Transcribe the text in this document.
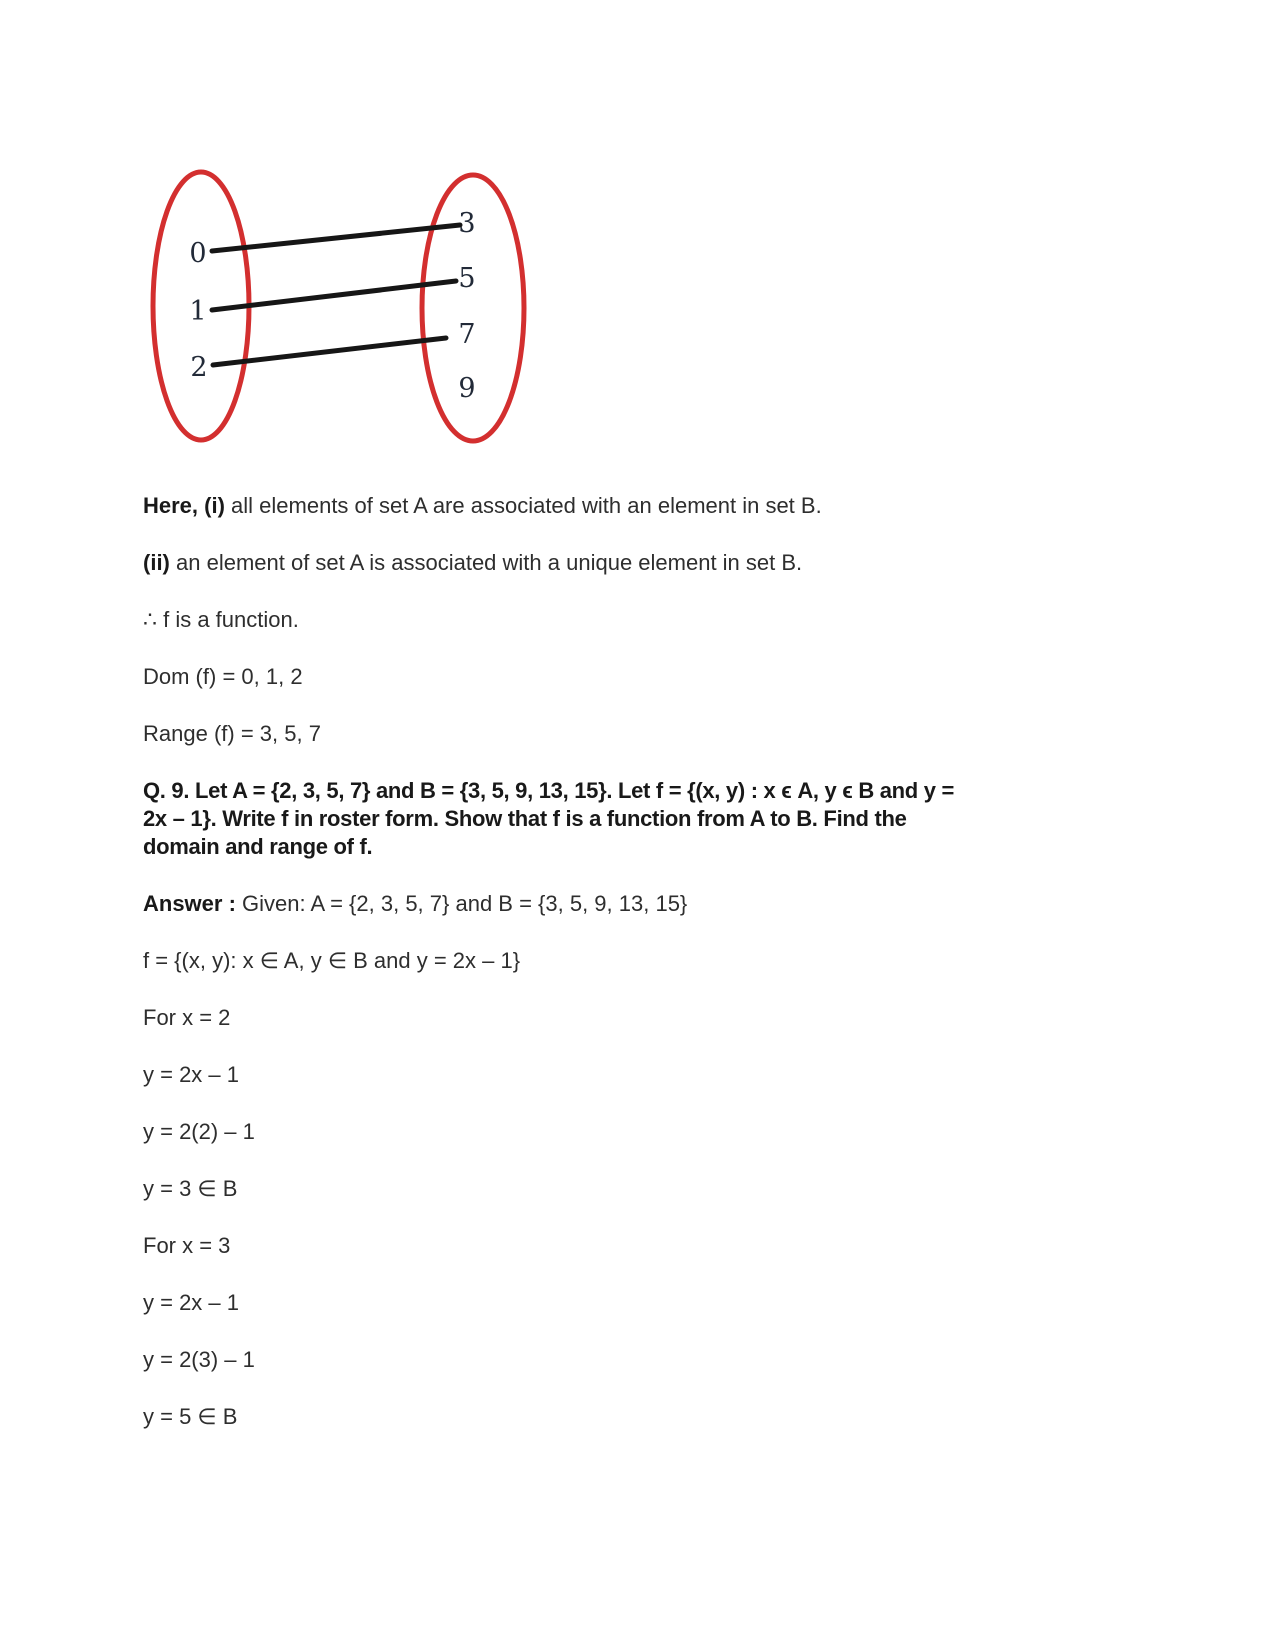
0
1
2
3
5
7
9

Here, (i) all elements of set A are associated with an element in set B.

(ii) an element of set A is associated with a unique element in set B.

∴ f is a function.

Dom (f) = 0, 1, 2

Range (f) = 3, 5, 7

Q. 9. Let A = {2, 3, 5, 7} and B = {3, 5, 9, 13, 15}. Let f = {(x, y) : x ϵ A, y ϵ B and y =
2x – 1}. Write f in roster form. Show that f is a function from A to B. Find the
domain and range of f.

Answer : Given: A = {2, 3, 5, 7} and B = {3, 5, 9, 13, 15}

f = {(x, y): x ∈ A, y ∈ B and y = 2x – 1}

For x = 2

y = 2x – 1

y = 2(2) – 1

y = 3 ∈ B

For x = 3

y = 2x – 1

y = 2(3) – 1

y = 5 ∈ B
